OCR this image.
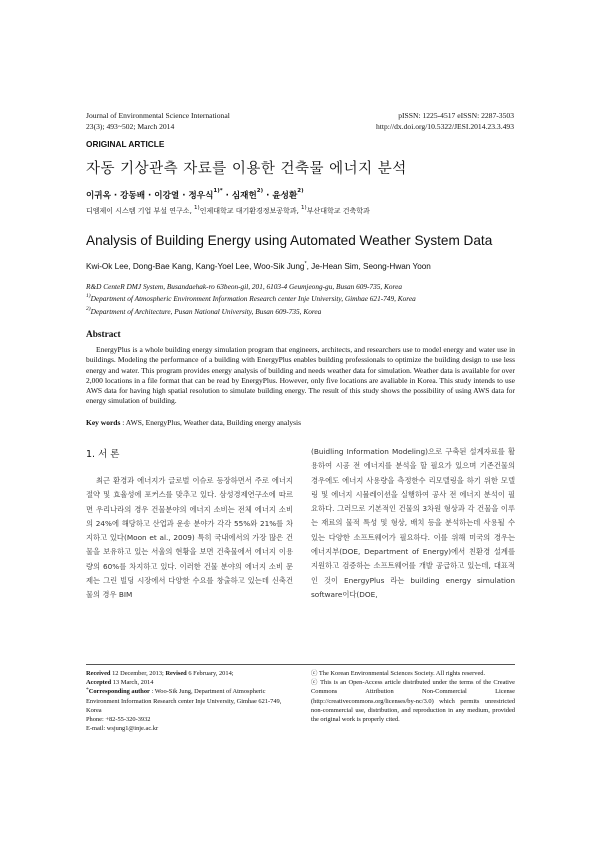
Journal of Environmental Science International
23(3); 493~502; March 2014
pISSN: 1225-4517 eISSN: 2287-3503
http://dx.doi.org/10.5322/JESI.2014.23.3.493
ORIGINAL ARTICLE
자동 기상관측 자료를 이용한 건축물 에너지 분석
이귀옥 · 강동배 · 이강열 · 정우식$^{1)*}$ · 심재헌$^{2)}$ · 윤성환$^{2)}$
디엠제이 시스템 기업 부설 연구소, $^{1)}$인제대학교 대기환경정보공학과, $^{1)}$부산대학교 건축학과
Analysis of Building Energy using Automated Weather System Data
Kwi-Ok Lee, Dong-Bae Kang, Kang-Yoel Lee, Woo-Sik Jung*, Je-Hean Sim, Seong-Hwan Yoon
R&D CenteR DMJ System, Busandaehak-ro 63beon-gil, 201, 6103-4 Geumjeong-gu, Busan 609-735, Korea
$^{1)}$Department of Atmospheric Environment Information Research center Inje University, Gimhae 621-749, Korea
$^{2)}$Department of Architecture, Pusan National University, Busan 609-735, Korea
Abstract

EnergyPlus is a whole building energy simulation program that engineers, architects, and researchers use to model energy and water use in buildings. Modeling the performance of a building with EnergyPlus enables building professionals to optimize the building design to use less energy and water. This program provides energy analysis of building and needs weather data for simulation. Weather data is available for over 2,000 locations in a file format that can be read by EnergyPlus. However, only five locations are avaliable in Korea. This study intends to use AWS data for having high spatial resolution to simulate building energy. The result of this study shows the possibility of using AWS data for energy simulation of building.

Key words : AWS, EnergyPlus, Weather data, Building energy analysis
1. 서 론

최근 환경과 에너지가 글로벌 이슈로 등장하면서 주로 에너지 절약 및 효율성에 포커스를 맞추고 있다. 삼성경제연구소에 따르면 우리나라의 경우 건물분야의 에너지 소비는 전체 에너지 소비의 24%에 해당하고 산업과 운송 분야가 각각 55%와 21%를 차지하고 있다(Moon et al., 2009) 특히 국내에서의 가장 많은 건물을 보유하고 있는 서울의 현황을 보면 건축물에서 에너지 이용량의 60%를 차지하고 있다. 이러한 건물 분야의 에너지 소비 문제는 그린 빌딩 시장에서 다양한 수요를 창출하고 있는데 신축건물의 경우 BIM

(Buidling Information Modeling)으로 구축된 설계자료를 활용하여 시공 전 에너지를 분석을 할 필요가 있으며 기존건물의 경우에도 에너지 사용량을 측정한수 리모델링을 하기 위한 모델링 및 에너지 시뮬레이션을 실행하여 공사 전 에너지 분석이 필요하다. 그러므로 기본적인 건물의 3차원 형상과 각 건물을 이루는 재료의 물적 특성 및 형상, 배치 등을 분석하는데 사용될 수 있는 다양한 소프트웨어가 필요하다. 이를 위해 미국의 경우는 에너지부(DOE, Department of Energy)에서 친환경 설계를 지원하고 검증하는 소프트웨어를 개발 공급하고 있는데, 대표적인 것이 EnergyPlus 라는 building energy simulation software이다(DOE,

Received 12 December, 2013; Revised 6 February, 2014;
Accepted 13 March, 2014
*Corresponding author : Woo-Sik Jung, Department of Atmospheric Environment Information Research center Inje University, Gimhae 621-749, Korea
Phone: +82-55-320-3932
E-mail: wsjung1@inje.ac.kr
ⓒ The Korean Environmental Sciences Society. All rights reserved.
ⓒ This is an Open-Access article distributed under the terms of the Creative Commons Attribution Non-Commercial License (http://creativecommons.org/licenses/by-nc/3.0) which permits unrestricted non-commercial use, distribution, and reproduction in any medium, provided the original work is properly cited.
